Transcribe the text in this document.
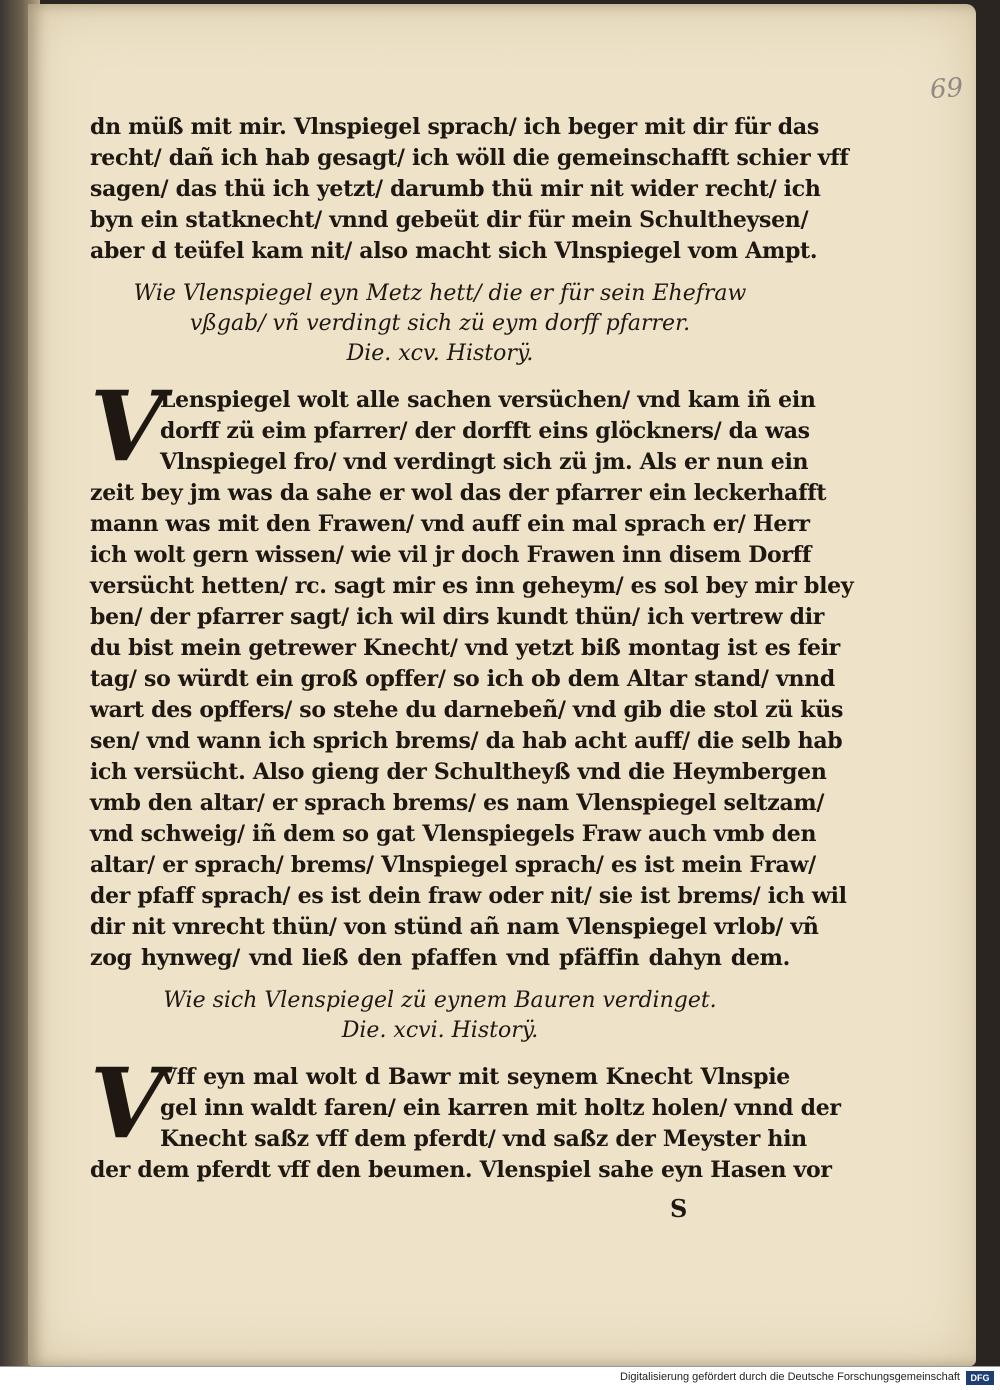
69
dn müß mit mir. Vlnspiegel sprach/ ich beger mit dir für das
recht/ dañ ich hab gesagt/ ich wöll die gemeinschafft schier vff
sagen/ das thü ich yetzt/ darumb thü mir nit wider recht/ ich
byn ein statknecht/ vnnd gebeüt dir für mein Schultheysen/
aber d teüfel kam nit/ also macht sich Vlnspiegel vom Ampt.
Wie Vlenspiegel eyn Metz hett/ die er für sein Ehefraw
vßgab/ vñ verdingt sich zü eym dorff pfarrer.
Die. xcv. Historÿ.
V
Lenspiegel wolt alle sachen versüchen/ vnd kam iñ ein
dorff zü eim pfarrer/ der dorfft eins glöckners/ da was
Vlnspiegel fro/ vnd verdingt sich zü jm. Als er nun ein
zeit bey jm was da sahe er wol das der pfarrer ein leckerhafft
mann was mit den Frawen/ vnd auff ein mal sprach er/ Herr
ich wolt gern wissen/ wie vil jr doch Frawen inn disem Dorff
versücht hetten/ rc. sagt mir es inn geheym/ es sol bey mir bley
ben/ der pfarrer sagt/ ich wil dirs kundt thün/ ich vertrew dir
du bist mein getrewer Knecht/ vnd yetzt biß montag ist es feir
tag/ so würdt ein groß opffer/ so ich ob dem Altar stand/ vnnd
wart des opffers/ so stehe du darnebeñ/ vnd gib die stol zü küs
sen/ vnd wann ich sprich brems/ da hab acht auff/ die selb hab
ich versücht. Also gieng der Schultheyß vnd die Heymbergen
vmb den altar/ er sprach brems/ es nam Vlenspiegel seltzam/
vnd schweig/ iñ dem so gat Vlenspiegels Fraw auch vmb den
altar/ er sprach/ brems/ Vlnspiegel sprach/ es ist mein Fraw/
der pfaff sprach/ es ist dein fraw oder nit/ sie ist brems/ ich wil
dir nit vnrecht thün/ von stünd añ nam Vlenspiegel vrlob/ vñ
zog hynweg/ vnd ließ den pfaffen vnd pfäffin dahyn dem.
Wie sich Vlenspiegel zü eynem Bauren verdinget.
Die. xcvi. Historÿ.
V
Vff eyn mal wolt d Bawr mit seynem Knecht Vlnspie
gel inn waldt faren/ ein karren mit holtz holen/ vnnd der
Knecht saßz vff dem pferdt/ vnd saßz der Meyster hin
der dem pferdt vff den beumen. Vlenspiel sahe eyn Hasen vor
S
Digitalisierung gefördert durch die Deutsche Forschungsgemeinschaft	DFG
